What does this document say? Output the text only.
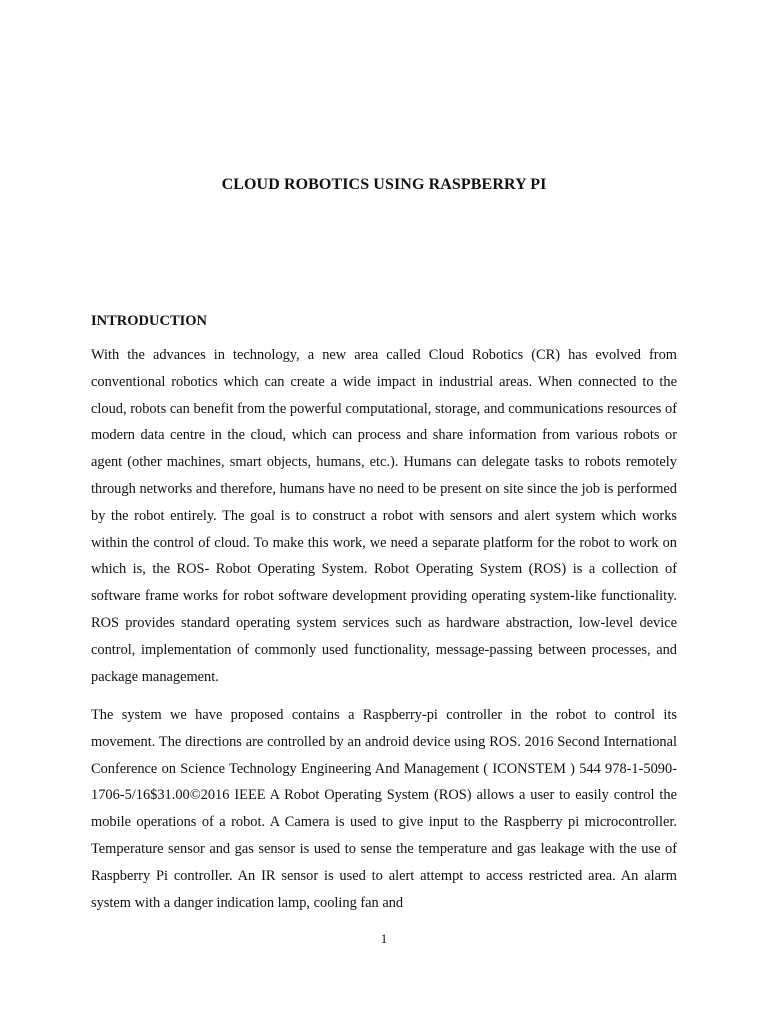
CLOUD ROBOTICS USING RASPBERRY PI
INTRODUCTION

With the advances in technology, a new area called Cloud Robotics (CR) has evolved from conventional robotics which can create a wide impact in industrial areas. When connected to the cloud, robots can benefit from the powerful computational, storage, and communications resources of modern data centre in the cloud, which can process and share information from various robots or agent (other machines, smart objects, humans, etc.). Humans can delegate tasks to robots remotely through networks and therefore, humans have no need to be present on site since the job is performed by the robot entirely. The goal is to construct a robot with sensors and alert system which works within the control of cloud. To make this work, we need a separate platform for the robot to work on which is, the ROS- Robot Operating System. Robot Operating System (ROS) is a collection of software frame works for robot software development providing operating system-like functionality. ROS provides standard operating system services such as hardware abstraction, low-level device control, implementation of commonly used functionality, message-passing between processes, and package management.

The system we have proposed contains a Raspberry-pi controller in the robot to control its movement. The directions are controlled by an android device using ROS. 2016 Second International Conference on Science Technology Engineering And Management ( ICONSTEM ) 544 978-1-5090-1706-5/16$31.00©2016 IEEE A Robot Operating System (ROS) allows a user to easily control the mobile operations of a robot. A Camera is used to give input to the Raspberry pi microcontroller. Temperature sensor and gas sensor is used to sense the temperature and gas leakage with the use of Raspberry Pi controller. An IR sensor is used to alert attempt to access restricted area. An alarm system with a danger indication lamp, cooling fan and

1
